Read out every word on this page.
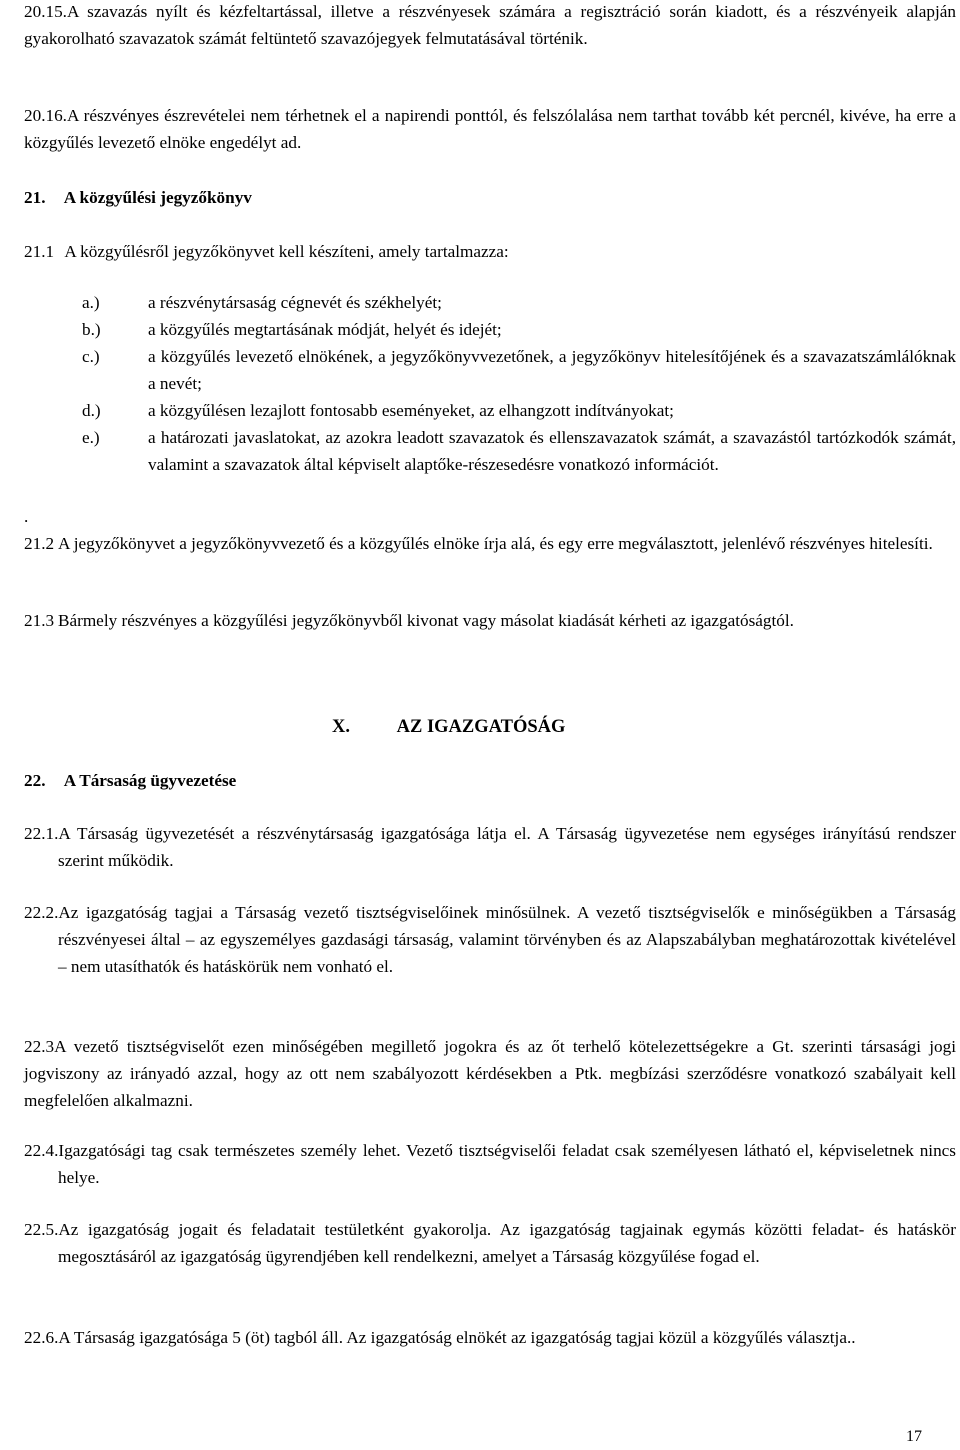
20.15. A szavazás nyílt és kézfeltartással, illetve a részvényesek számára a regisztráció során kiadott, és a részvényeik alapján gyakorolható szavazatok számát feltüntető szavazójegyek felmutatásával történik.
20.16. A részvényes észrevételei nem térhetnek el a napirendi ponttól, és felszólalása nem tarthat tovább két percnél, kivéve, ha erre a közgyűlés levezető elnöke engedélyt ad.
21. A közgyűlési jegyzőkönyv
21.1 A közgyűlésről jegyzőkönyvet kell készíteni, amely tartalmazza:
a.)	a részvénytársaság cégnevét és székhelyét;
b.)	a közgyűlés megtartásának módját, helyét és idejét;
c.)	a közgyűlés levezető elnökének, a jegyzőkönyvvezetőnek, a jegyzőkönyv hitelesítőjének és a szavazatszámlálóknak a nevét;
d.)	a közgyűlésen lezajlott fontosabb eseményeket, az elhangzott indítványokat;
e.)	a határozati javaslatokat, az azokra leadott szavazatok és ellenszavazatok számát, a szavazástól tartózkodók számát, valamint a szavazatok által képviselt alaptőke-részesedésre vonatkozó információt.
.
21.2 A jegyzőkönyvet a jegyzőkönyvvezető és a közgyűlés elnöke írja alá, és egy erre megválasztott, jelenlévő részvényes hitelesíti.
21.3 Bármely részvényes a közgyűlési jegyzőkönyvből kivonat vagy másolat kiadását kérheti az igazgatóságtól.
X.	AZ IGAZGATÓSÁG
22. A Társaság ügyvezetése
22.1. A Társaság ügyvezetését a részvénytársaság igazgatósága látja el. A Társaság ügyvezetése nem egységes irányítású rendszer szerint működik.
22.2. Az igazgatóság tagjai a Társaság vezető tisztségviselőinek minősülnek. A vezető tisztségviselők e minőségükben a Társaság részvényesei által – az egyszemélyes gazdasági társaság, valamint törvényben és az Alapszabályban meghatározottak kivételével – nem utasíthatók és hatáskörük nem vonható el.
22.3A vezető tisztségviselőt ezen minőségében megillető jogokra és az őt terhelő kötelezettségekre a Gt. szerinti társasági jogi jogviszony az irányadó azzal, hogy az ott nem szabályozott kérdésekben a Ptk. megbízási szerződésre vonatkozó szabályait kell megfelelően alkalmazni.
22.4. Igazgatósági tag csak természetes személy lehet. Vezető tisztségviselői feladat csak személyesen látható el, képviseletnek nincs helye.
22.5. Az igazgatóság jogait és feladatait testületként gyakorolja. Az igazgatóság tagjainak egymás közötti feladat- és hatáskör megosztásáról az igazgatóság ügyrendjében kell rendelkezni, amelyet a Társaság közgyűlése fogad el.
22.6. A Társaság igazgatósága 5 (öt) tagból áll. Az igazgatóság elnökét az igazgatóság tagjai közül a közgyűlés választja..
17
